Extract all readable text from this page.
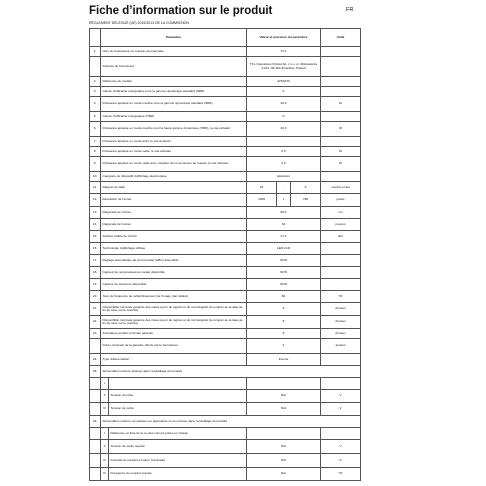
Fiche d’information sur le produit	FR
RÈGLEMENT DÉLÉGUÉ (UE) 2019/2013 DE LA COMMISSION
	Paramètre		Valeur et précision du paramètre			Unité
1.	Nom du fournisseur ou marque commerciale		TCL			
	Adresse du fournisseur		TCL Operations Polska Sp. z o.o. ul. Mickiewicza 31/41, 96-300 Żyrardów, Poland			
2.	Référence du modèle		32S6130			
3.	Classe d’efficacité énergétique pour la gamme dynamique standard (SDR)		F			
4.	Puissance appelée en mode marche pour la gamme dynamique standard (SDR)		26,0			W
5.	Classe d’efficacité énergétique (HDR)		G			
6.	Puissance appelée en mode marche pour la haute gamme dynamique (HDR), le cas échéant		40,0			W
7.	Puissance appelée en mode arrêt, le cas échéant		-			-
8.	Puissance appelée en mode veille, le cas échéant		0,5			W
9.	Puissance appelée en mode veille avec maintien de la connexion au réseau, le cas échéant		2,0			W
10.	Catégorie de dispositif d’affichage électronique		télévision			
11.	Rapport de taille		16	:	9	nombre entier
12.	Résolution de l’écran		1366	x	768	pixels
13.	Diagonale de l’écran		80,0			cm
14.	Diagonale de l’écran		32			pouces
15.	Surface visible de l’écran		27,4			dm²
16.	Technologie d’affichage utilisée		LED LCD			
17.	Réglage automatique de la luminosité (ABC) disponible		NON			
18.	Capteur de reconnaissance vocale disponible		NON			
19.	Capteur de présence disponible		NON			
20.	Taux de fréquence de rafraîchissement de l’image (par défaut)		60			Hz
21.	Disponibilité minimale garantie des mises à jour du logiciel et du micrologiciel (à compter de la date de fin de mise sur le marché)		8			Années
22.	Disponibilité minimale garantie des mises à jour du logiciel et du micrologiciel (à compter de la date de fin de mise sur le marché)		8			Années
23.	Assistance produit minimale garantie		8			Années
	Durée minimale de la garantie offerte par le fournisseur		2			années
24.	Type d’alimentation :		Interne			
25.	Alimentation externe (incluse dans l’emballage du produit)					
	I					
	II	Tension d’entrée	N/A			V
	III	Tension de sortie	N/A			V
26.	Alimentation externe normalisée (ou appropriée si non incluse dans l’emballage du produit)					
	I	Référence ou liste de la ou des normes prises en charge				
	II	Tension de sortie requise	N/A			V
	III	Intensité du courant à fournir (minimale)	N/A			A
	IV	Fréquence du courant requise	N/A			Hz
